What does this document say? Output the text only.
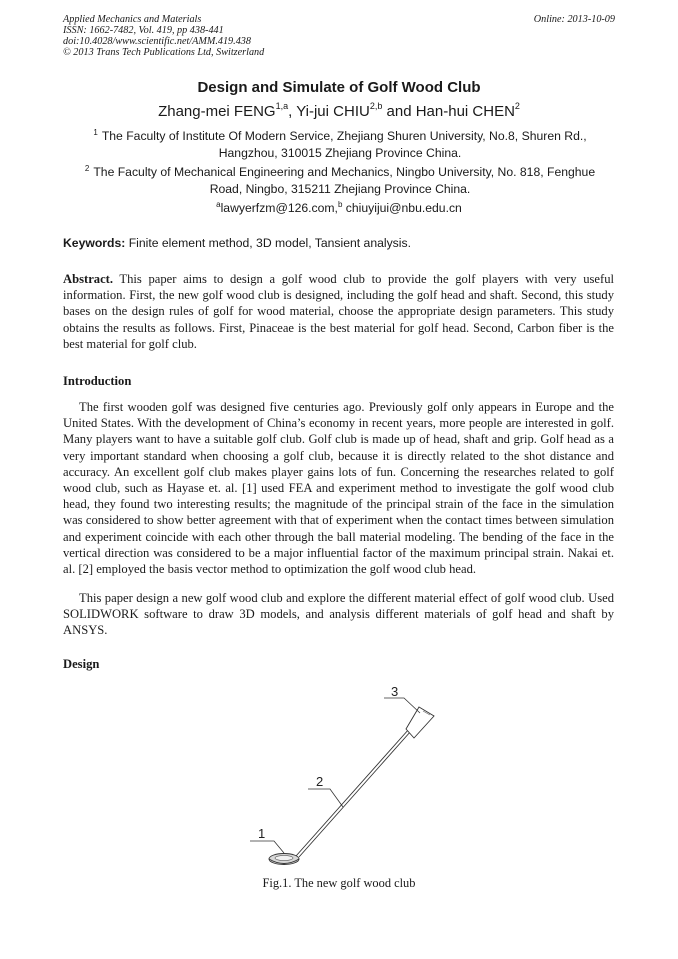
Applied Mechanics and Materials
ISSN: 1662-7482, Vol. 419, pp 438-441
doi:10.4028/www.scientific.net/AMM.419.438
© 2013 Trans Tech Publications Ltd, Switzerland
Online: 2013-10-09
Design and Simulate of Golf Wood Club
Zhang-mei FENG$^{1,a}$, Yi-jui CHIU$^{2,b}$ and Han-hui CHEN$^2$
$^1$ The Faculty of Institute Of Modern Service, Zhejiang Shuren University, No.8, Shuren Rd., Hangzhou, 310015 Zhejiang Province China.
$^2$ The Faculty of Mechanical Engineering and Mechanics, Ningbo University, No. 818, Fenghue Road, Ningbo, 315211 Zhejiang Province China.
$^a$lawyerfzm@126.com,$^b$ chiuyijui@nbu.edu.cn
Keywords: Finite element method, 3D model, Tansient analysis.

Abstract. This paper aims to design a golf wood club to provide the golf players with very useful information. First, the new golf wood club is designed, including the golf head and shaft. Second, this study bases on the design rules of golf for wood material, choose the appropriate design parameters. This study obtains the results as follows. First, Pinaceae is the best material for golf head. Second, Carbon fiber is the best material for golf club.

Introduction

The first wooden golf was designed five centuries ago. Previously golf only appears in Europe and the United States. With the development of China’s economy in recent years, more people are interested in golf. Many players want to have a suitable golf club. Golf club is made up of head, shaft and grip. Golf head as a very important standard when choosing a golf club, because it is directly related to the shot distance and accuracy. An excellent golf club makes player gains lots of fun. Concerning the researches related to golf wood club, such as Hayase et. al. [1] used FEA and experiment method to investigate the golf wood club head, they found two interesting results; the magnitude of the principal strain of the face in the simulation was considered to show better agreement with that of experiment when the contact times between simulation and experiment coincide with each other through the ball material modeling. The bending of the face in the vertical direction was considered to be a major influential factor of the maximum principal strain. Nakai et. al. [2] employed the basis vector method to optimization the golf wood club head.

This paper design a new golf wood club and explore the different material effect of golf wood club. Used SOLIDWORK software to draw 3D models, and analysis different materials of golf head and shaft by ANSYS.

Design
1
2
3
Fig.1. The new golf wood club
